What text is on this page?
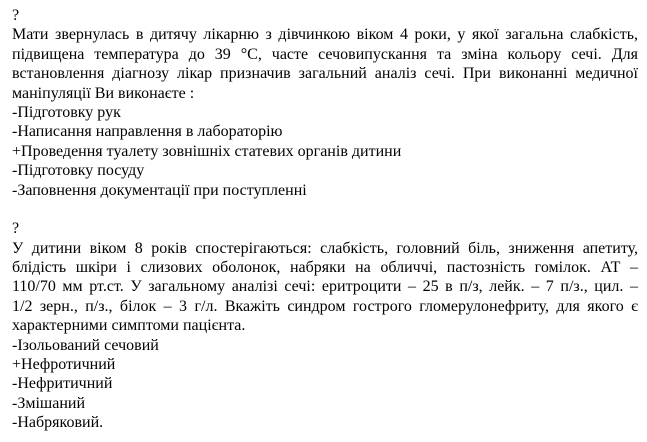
?
Мати звернулась в дитячу лікарню з дівчинкою віком 4 роки, у якої загальна слабкість,
підвищена температура до 39 °С, часте сечовипускання та зміна кольору сечі. Для
встановлення діагнозу лікар призначив загальний аналіз сечі. При виконанні медичної
маніпуляції Ви виконаєте :
-Підготовку рук
-Написання направлення в лабораторію
+Проведення туалету зовнішніх статевих органів дитини
-Підготовку посуду
-Заповнення документації при поступленні
?
У дитини віком 8 років спостерігаються: слабкість, головний біль, зниження апетиту,
блідість шкіри і слизових оболонок, набряки на обличчі, пастозність гомілок. АТ –
110/70 мм рт.ст. У загальному аналізі сечі: еритроцити – 25 в п/з, лейк. – 7 п/з., цил. –
1/2 зерн., п/з., білок – 3 г/л. Вкажіть синдром гострого гломерулонефриту, для якого є
характерними симптоми пацієнта.
-Ізольований сечовий
+Нефротичний
-Нефритичний
-Змішаний
-Набряковий.
